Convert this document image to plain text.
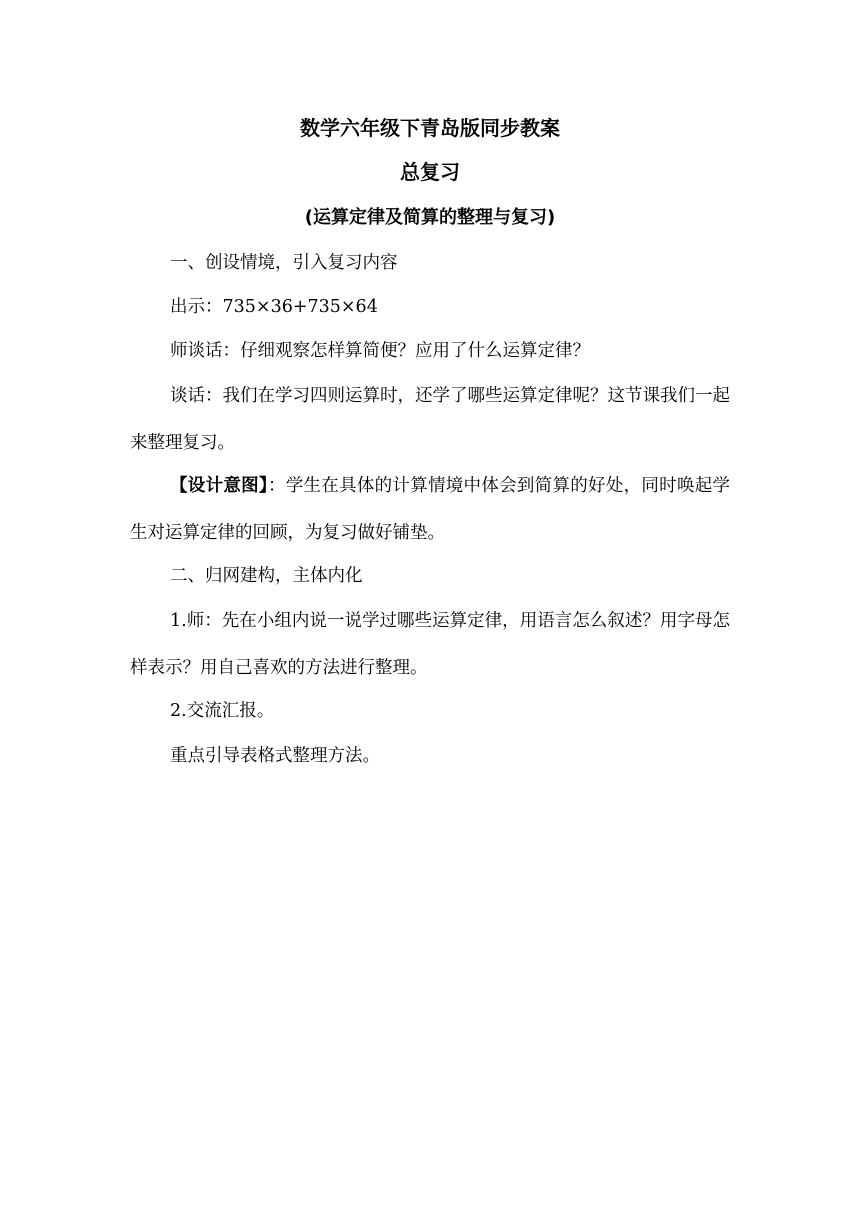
数学六年级下青岛版同步教案
总复习
(运算定律及简算的整理与复习)

一、创设情境，引入复习内容

出示：735×36+735×64

师谈话：仔细观察怎样算简便？应用了什么运算定律？

谈话：我们在学习四则运算时，还学了哪些运算定律呢？这节课我们一起来整理复习。

【设计意图】：学生在具体的计算情境中体会到简算的好处，同时唤起学生对运算定律的回顾，为复习做好铺垫。

二、归网建构，主体内化

1.师：先在小组内说一说学过哪些运算定律，用语言怎么叙述？用字母怎样表示？用自己喜欢的方法进行整理。

2.交流汇报。

重点引导表格式整理方法。
